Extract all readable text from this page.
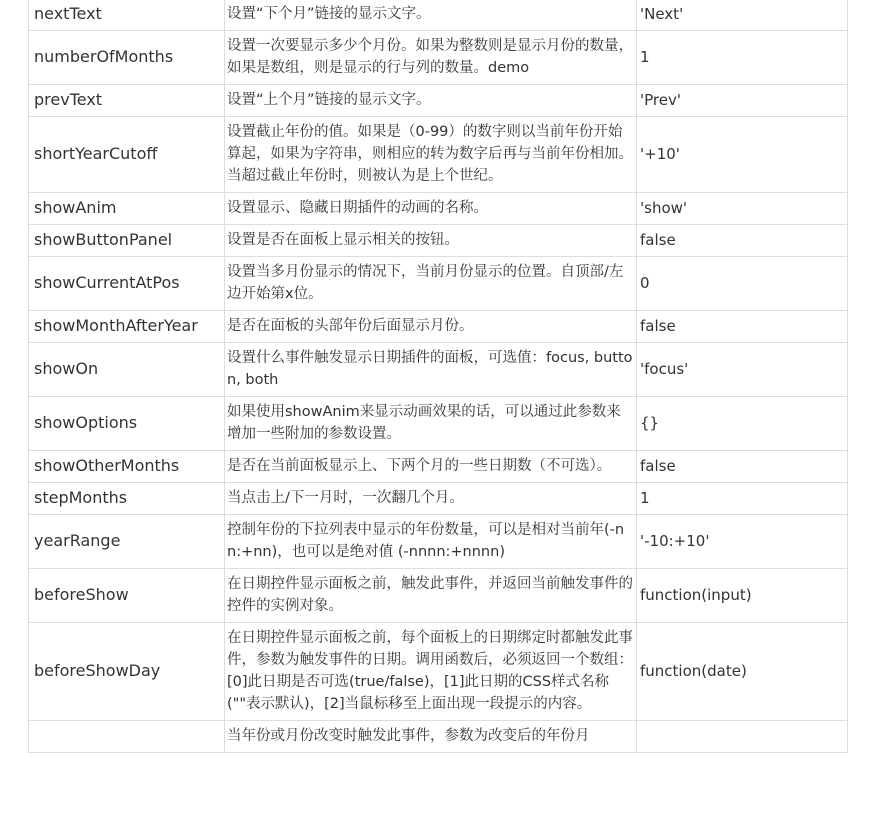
nextText	设置“下个月”链接的显示文字。	'Next'
numberOfMonths	设置一次要显示多少个月份。如果为整数则是显示月份的数量，如果是数组，则是显示的行与列的数量。demo	1
prevText	设置“上个月”链接的显示文字。	'Prev'
shortYearCutoff	设置截止年份的值。如果是（0-99）的数字则以当前年份开始算起，如果为字符串，则相应的转为数字后再与当前年份相加。当超过截止年份时，则被认为是上个世纪。	'+10'
showAnim	设置显示、隐藏日期插件的动画的名称。	'show'
showButtonPanel	设置是否在面板上显示相关的按钮。	false
showCurrentAtPos	设置当多月份显示的情况下，当前月份显示的位置。自顶部/左边开始第x位。	0
showMonthAfterYear	是否在面板的头部年份后面显示月份。	false
showOn	设置什么事件触发显示日期插件的面板，可选值：focus, button, both	'focus'
showOptions	如果使用showAnim来显示动画效果的话，可以通过此参数来增加一些附加的参数设置。	{}
showOtherMonths	是否在当前面板显示上、下两个月的一些日期数（不可选）。	false
stepMonths	当点击上/下一月时，一次翻几个月。	1
yearRange	控制年份的下拉列表中显示的年份数量，可以是相对当前年(-nn:+nn)，也可以是绝对值 (-nnnn:+nnnn)	'-10:+10'
beforeShow	在日期控件显示面板之前，触发此事件，并返回当前触发事件的控件的实例对象。	function(input)
beforeShowDay	在日期控件显示面板之前，每个面板上的日期绑定时都触发此事件，参数为触发事件的日期。调用函数后，必须返回一个数组：[0]此日期是否可选(true/false)，[1]此日期的CSS样式名称(""表示默认)，[2]当鼠标移至上面出现一段提示的内容。	function(date)
	当年份或月份改变时触发此事件，参数为改变后的年份月	
